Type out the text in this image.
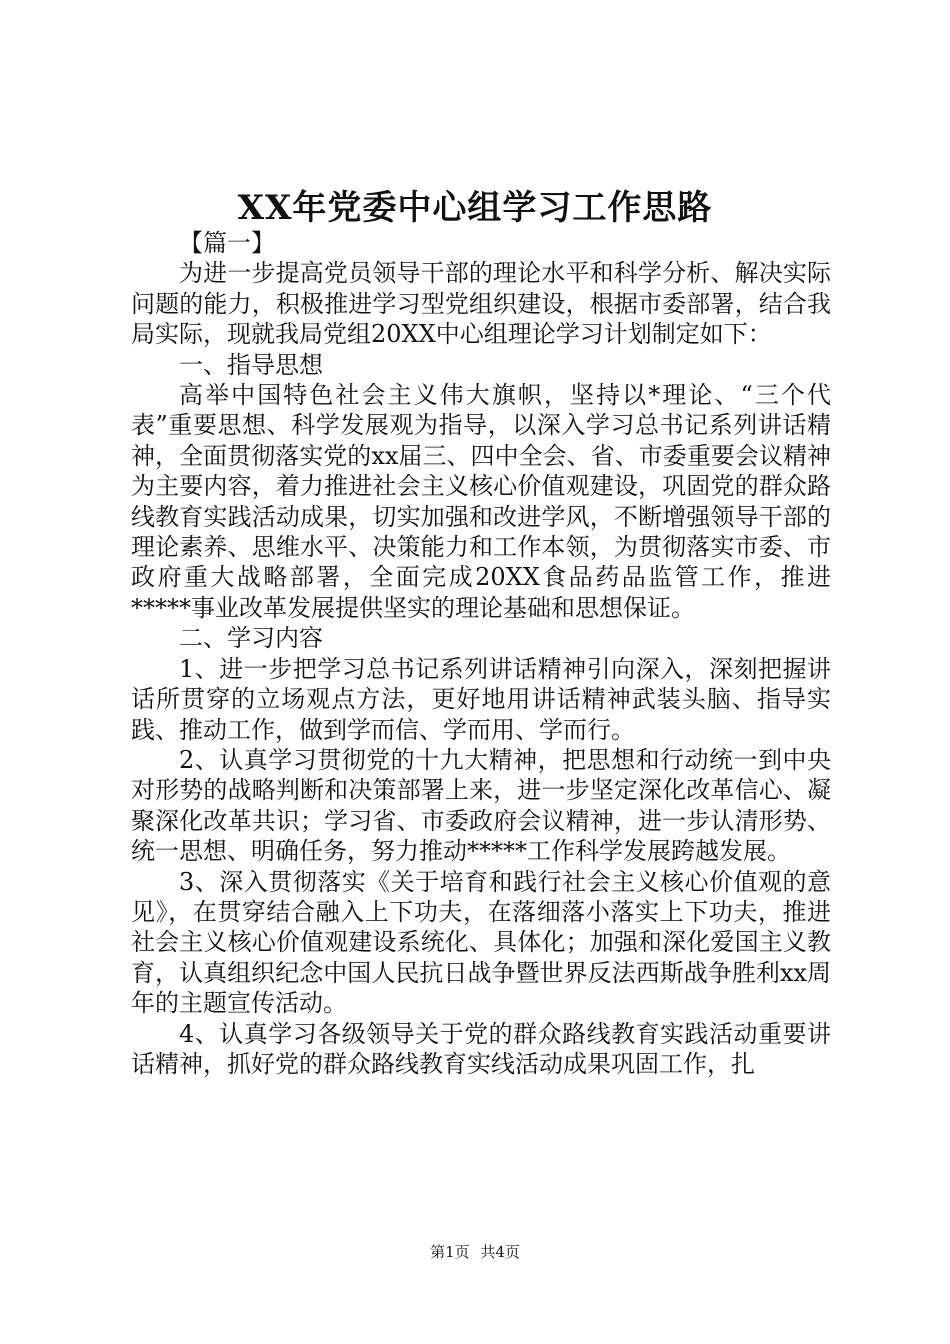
XX年党委中心组学习工作思路

【篇一】

为进一步提高党员领导干部的理论水平和科学分析、解决实际问题的能力，积极推进学习型党组织建设，根据市委部署，结合我局实际，现就我局党组20XX中心组理论学习计划制定如下：

一、指导思想

高举中国特色社会主义伟大旗帜，坚持以*理论、“三个代表”重要思想、科学发展观为指导，以深入学习总书记系列讲话精神，全面贯彻落实党的xx届三、四中全会、省、市委重要会议精神为主要内容，着力推进社会主义核心价值观建设，巩固党的群众路线教育实践活动成果，切实加强和改进学风，不断增强领导干部的理论素养、思维水平、决策能力和工作本领，为贯彻落实市委、市政府重大战略部署，全面完成20XX食品药品监管工作，推进*****事业改革发展提供坚实的理论基础和思想保证。

二、学习内容

1、进一步把学习总书记系列讲话精神引向深入，深刻把握讲话所贯穿的立场观点方法，更好地用讲话精神武装头脑、指导实践、推动工作，做到学而信、学而用、学而行。

2、认真学习贯彻党的十九大精神，把思想和行动统一到中央对形势的战略判断和决策部署上来，进一步坚定深化改革信心、凝聚深化改革共识；学习省、市委政府会议精神，进一步认清形势、统一思想、明确任务，努力推动*****工作科学发展跨越发展。

3、深入贯彻落实《关于培育和践行社会主义核心价值观的意见》，在贯穿结合融入上下功夫，在落细落小落实上下功夫，推进社会主义核心价值观建设系统化、具体化；加强和深化爱国主义教育，认真组织纪念中国人民抗日战争暨世界反法西斯战争胜利xx周年的主题宣传活动。

4、认真学习各级领导关于党的群众路线教育实践活动重要讲话精神，抓好党的群众路线教育实线活动成果巩固工作，扎

第1页 共4页
